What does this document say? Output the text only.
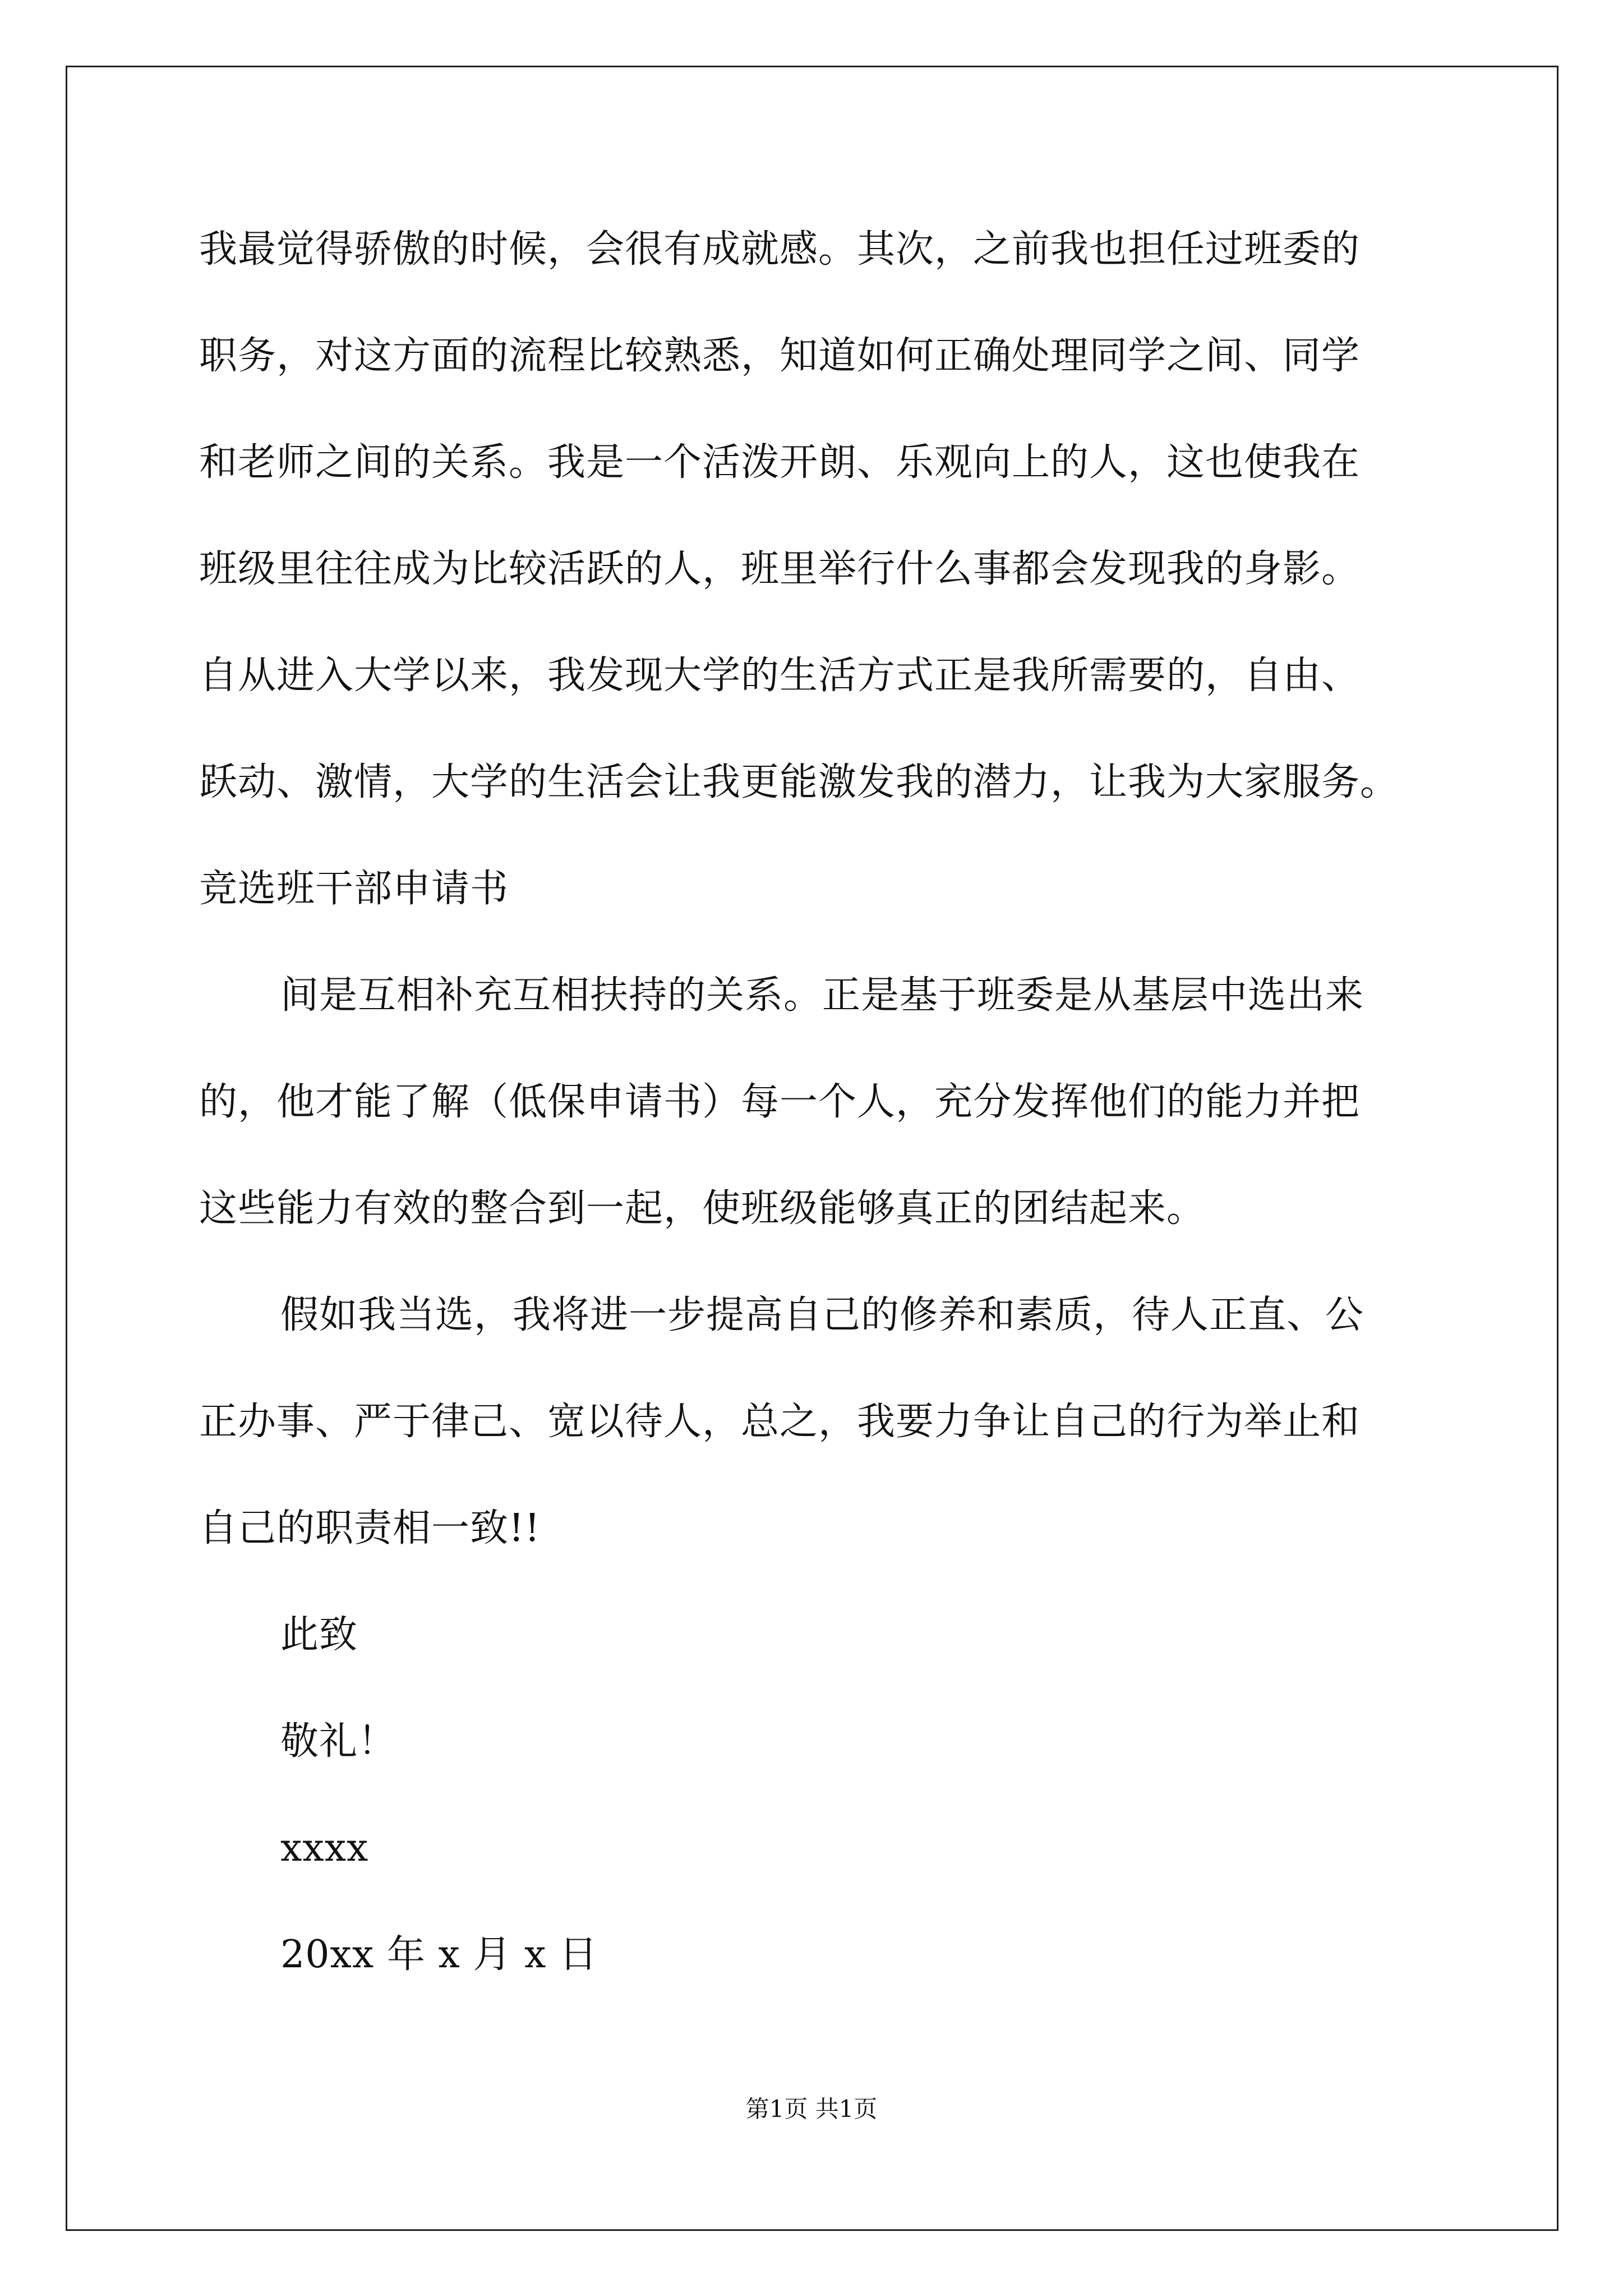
我最觉得骄傲的时候，会很有成就感。其次，之前我也担任过班委的
职务，对这方面的流程比较熟悉，知道如何正确处理同学之间、同学
和老师之间的关系。我是一个活泼开朗、乐观向上的人，这也使我在
班级里往往成为比较活跃的人，班里举行什么事都会发现我的身影。
自从进入大学以来，我发现大学的生活方式正是我所需要的，自由、
跃动、激情，大学的生活会让我更能激发我的潜力，让我为大家服务。
竞选班干部申请书
间是互相补充互相扶持的关系。正是基于班委是从基层中选出来
的，他才能了解（低保申请书）每一个人，充分发挥他们的能力并把
这些能力有效的整合到一起，使班级能够真正的团结起来。
假如我当选，我将进一步提高自己的修养和素质，待人正直、公
正办事、严于律己、宽以待人，总之，我要力争让自己的行为举止和
自己的职责相一致!!
此致
敬礼！
xxxx
20xx 年 x 月 x 日
第1页 共1页
